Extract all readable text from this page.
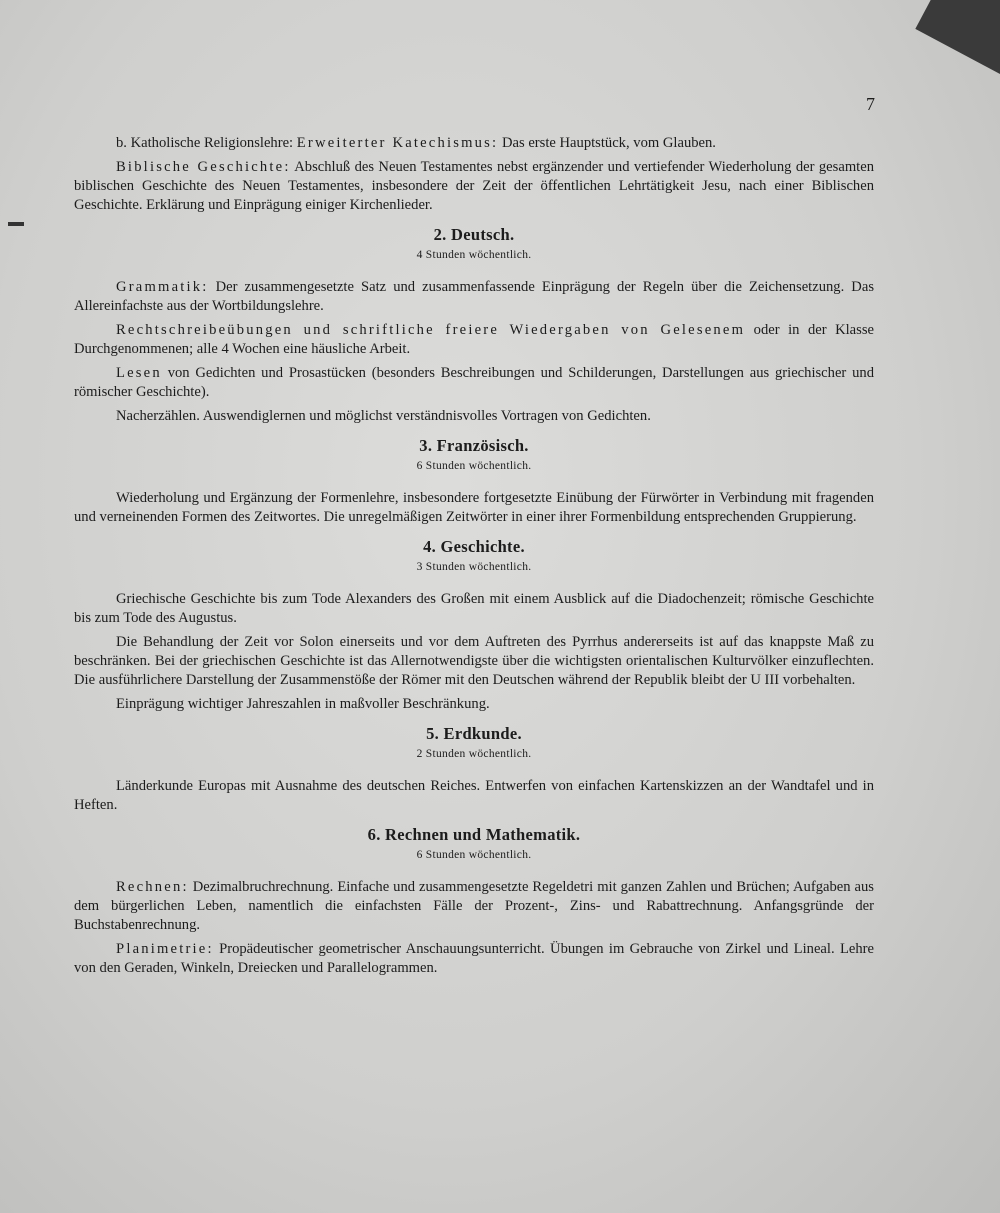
7

b. Katholische Religionslehre: Erweiterter Katechismus: Das erste Hauptstück, vom Glauben.

Biblische Geschichte: Abschluß des Neuen Testamentes nebst ergänzender und vertiefender Wiederholung der gesamten biblischen Geschichte des Neuen Testamentes, insbesondere der Zeit der öffentlichen Lehrtätigkeit Jesu, nach einer Biblischen Geschichte. Erklärung und Einprägung einiger Kirchenlieder.

2. Deutsch.
4 Stunden wöchentlich.

Grammatik: Der zusammengesetzte Satz und zusammenfassende Einprägung der Regeln über die Zeichensetzung. Das Allereinfachste aus der Wortbildungslehre.

Rechtschreibeübungen und schriftliche freiere Wiedergaben von Gelesenem oder in der Klasse Durchgenommenen; alle 4 Wochen eine häusliche Arbeit.

Lesen von Gedichten und Prosastücken (besonders Beschreibungen und Schilderungen, Darstellungen aus griechischer und römischer Geschichte).

Nacherzählen. Auswendiglernen und möglichst verständnisvolles Vortragen von Gedichten.

3. Französisch.
6 Stunden wöchentlich.

Wiederholung und Ergänzung der Formenlehre, insbesondere fortgesetzte Einübung der Fürwörter in Verbindung mit fragenden und verneinenden Formen des Zeitwortes. Die unregelmäßigen Zeitwörter in einer ihrer Formenbildung entsprechenden Gruppierung.

4. Geschichte.
3 Stunden wöchentlich.

Griechische Geschichte bis zum Tode Alexanders des Großen mit einem Ausblick auf die Diadochenzeit; römische Geschichte bis zum Tode des Augustus.

Die Behandlung der Zeit vor Solon einerseits und vor dem Auftreten des Pyrrhus andererseits ist auf das knappste Maß zu beschränken. Bei der griechischen Geschichte ist das Allernotwendigste über die wichtigsten orientalischen Kulturvölker einzuflechten. Die ausführlichere Darstellung der Zusammenstöße der Römer mit den Deutschen während der Republik bleibt der U III vorbehalten.

Einprägung wichtiger Jahreszahlen in maßvoller Beschränkung.

5. Erdkunde.
2 Stunden wöchentlich.

Länderkunde Europas mit Ausnahme des deutschen Reiches. Entwerfen von einfachen Kartenskizzen an der Wandtafel und in Heften.

6. Rechnen und Mathematik.
6 Stunden wöchentlich.

Rechnen: Dezimalbruchrechnung. Einfache und zusammengesetzte Regeldetri mit ganzen Zahlen und Brüchen; Aufgaben aus dem bürgerlichen Leben, namentlich die einfachsten Fälle der Prozent-, Zins- und Rabattrechnung. Anfangsgründe der Buchstabenrechnung.

Planimetrie: Propädeutischer geometrischer Anschauungsunterricht. Übungen im Gebrauche von Zirkel und Lineal. Lehre von den Geraden, Winkeln, Dreiecken und Parallelogrammen.
